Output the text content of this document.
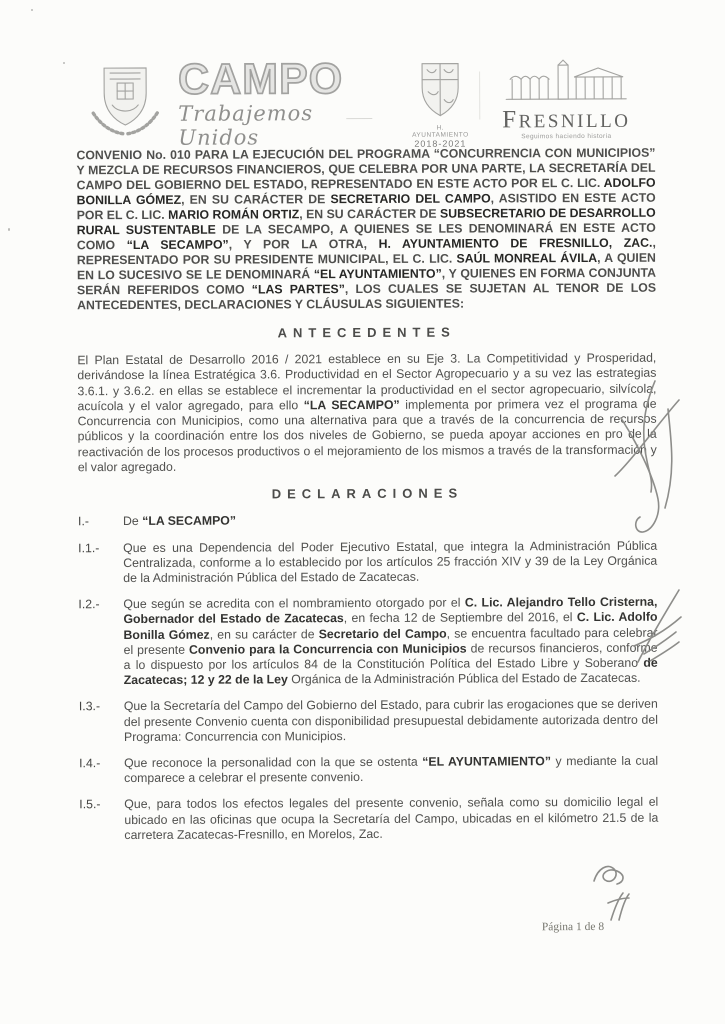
CAMPO
Trabajemos Unidos	H. AYUNTAMIENTO
2018-2021
FRESNILLO
Seguimos haciendo historia

CONVENIO No. 010 PARA LA EJECUCIÓN DEL PROGRAMA “CONCURRENCIA CON MUNICIPIOS” Y MEZCLA DE RECURSOS FINANCIEROS, QUE CELEBRA POR UNA PARTE, LA SECRETARÍA DEL CAMPO DEL GOBIERNO DEL ESTADO, REPRESENTADO EN ESTE ACTO POR EL C. LIC. ADOLFO BONILLA GÓMEZ, EN SU CARÁCTER DE SECRETARIO DEL CAMPO, ASISTIDO EN ESTE ACTO POR EL C. LIC. MARIO ROMÁN ORTIZ, EN SU CARÁCTER DE SUBSECRETARIO DE DESARROLLO RURAL SUSTENTABLE DE LA SECAMPO, A QUIENES SE LES DENOMINARÁ EN ESTE ACTO COMO “LA SECAMPO”, Y POR LA OTRA, H. AYUNTAMIENTO DE FRESNILLO, ZAC., REPRESENTADO POR SU PRESIDENTE MUNICIPAL, EL C. LIC. SAÚL MONREAL ÁVILA, A QUIEN EN LO SUCESIVO SE LE DENOMINARÁ “EL AYUNTAMIENTO”, Y QUIENES EN FORMA CONJUNTA SERÁN REFERIDOS COMO “LAS PARTES”, LOS CUALES SE SUJETAN AL TENOR DE LOS ANTECEDENTES, DECLARACIONES Y CLÁUSULAS SIGUIENTES:

ANTECEDENTES

El Plan Estatal de Desarrollo 2016 / 2021 establece en su Eje 3. La Competitividad y Prosperidad, derivándose la línea Estratégica 3.6. Productividad en el Sector Agropecuario y a su vez las estrategias 3.6.1. y 3.6.2. en ellas se establece el incrementar la productividad en el sector agropecuario, silvícola, acuícola y el valor agregado, para ello “LA SECAMPO” implementa por primera vez el programa de Concurrencia con Municipios, como una alternativa para que a través de la concurrencia de recursos públicos y la coordinación entre los dos niveles de Gobierno, se pueda apoyar acciones en pro de la reactivación de los procesos productivos o el mejoramiento de los mismos a través de la transformación y el valor agregado.

DECLARACIONES
I.-	De “LA SECAMPO”
I.1.- Que es una Dependencia del Poder Ejecutivo Estatal, que integra la Administración Pública Centralizada, conforme a lo establecido por los artículos 25 fracción XIV y 39 de la Ley Orgánica de la Administración Pública del Estado de Zacatecas.
I.2.- Que según se acredita con el nombramiento otorgado por el C. Lic. Alejandro Tello Cristerna, Gobernador del Estado de Zacatecas, en fecha 12 de Septiembre del 2016, el C. Lic. Adolfo Bonilla Gómez, en su carácter de Secretario del Campo, se encuentra facultado para celebrar el presente Convenio para la Concurrencia con Municipios de recursos financieros, conforme a lo dispuesto por los artículos 84 de la Constitución Política del Estado Libre y Soberano de Zacatecas; 12 y 22 de la Ley Orgánica de la Administración Pública del Estado de Zacatecas.
I.3.- Que la Secretaría del Campo del Gobierno del Estado, para cubrir las erogaciones que se deriven del presente Convenio cuenta con disponibilidad presupuestal debidamente autorizada dentro del Programa: Concurrencia con Municipios.
I.4.- Que reconoce la personalidad con la que se ostenta “EL AYUNTAMIENTO” y mediante la cual comparece a celebrar el presente convenio.
I.5.- Que, para todos los efectos legales del presente convenio, señala como su domicilio legal el ubicado en las oficinas que ocupa la Secretaría del Campo, ubicadas en el kilómetro 21.5 de la carretera Zacatecas-Fresnillo, en Morelos, Zac.
Página 1 de 8
